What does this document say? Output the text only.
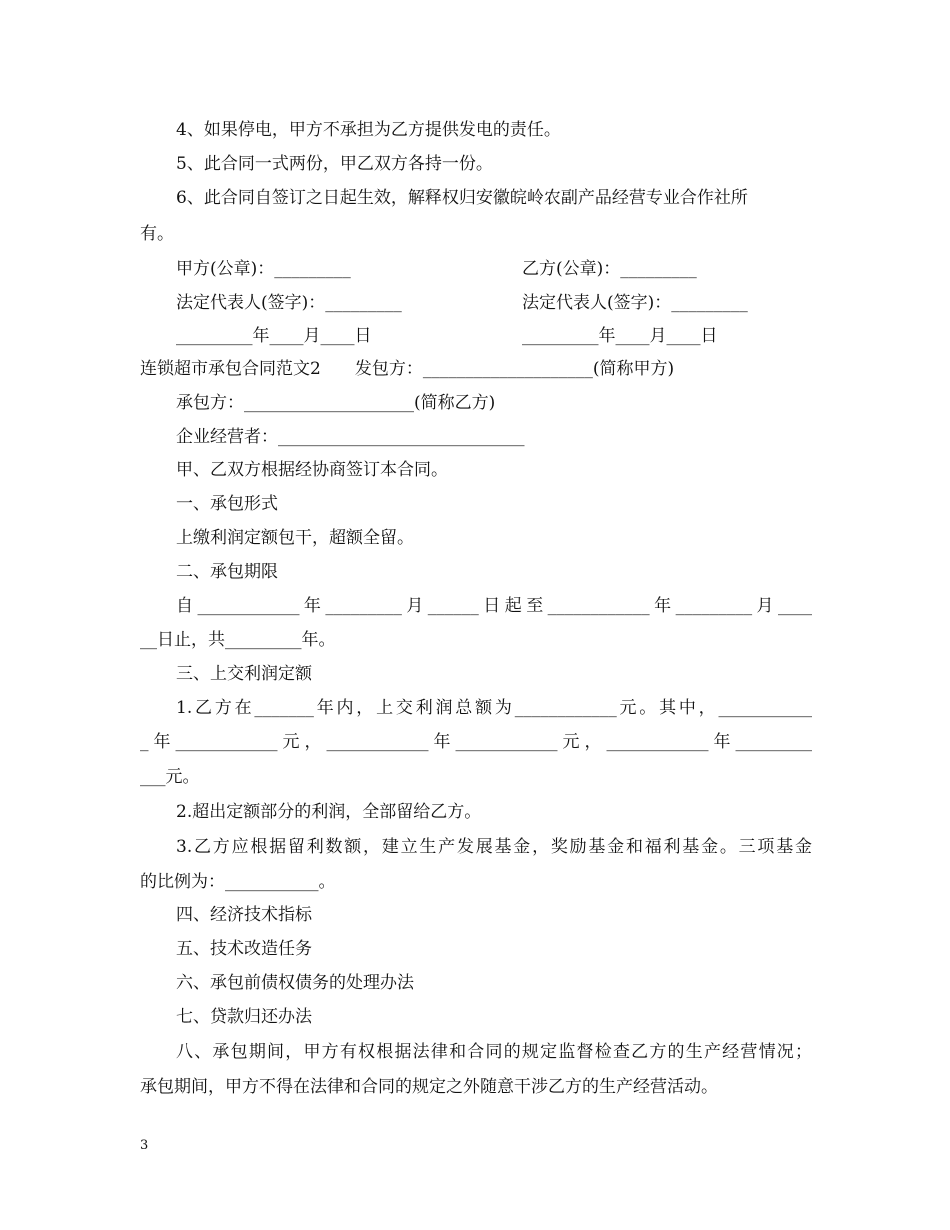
4、如果停电，甲方不承担为乙方提供发电的责任。
5、此合同一式两份，甲乙双方各持一份。
6、此合同自签订之日起生效，解释权归安徽皖岭农副产品经营专业合作社所
有。
甲方(公章)：_________	乙方(公章)：_________
法定代表人(签字)：_________	法定代表人(签字)：_________
_________年____月____日	_________年____月____日
连锁超市承包合同范文2　　发包方：____________________(简称甲方)
承包方：____________________(简称乙方)
企业经营者：_____________________________
甲、乙双方根据经协商签订本合同。
一、承包形式
上缴利润定额包干，超额全留。
二、承包期限
自____________年_________月______日起至____________年_________月____
__日止，共_________年。
三、上交利润定额
1.乙方在_______年内，上交利润总额为____________元。其中，___________
_年____________元，____________年____________元，____________年_________
___元。
2.超出定额部分的利润，全部留给乙方。
3.乙方应根据留利数额，建立生产发展基金，奖励基金和福利基金。三项基金
的比例为：___________。
四、经济技术指标
五、技术改造任务
六、承包前债权债务的处理办法
七、贷款归还办法
八、承包期间，甲方有权根据法律和合同的规定监督检查乙方的生产经营情况；
承包期间，甲方不得在法律和合同的规定之外随意干涉乙方的生产经营活动。
3
